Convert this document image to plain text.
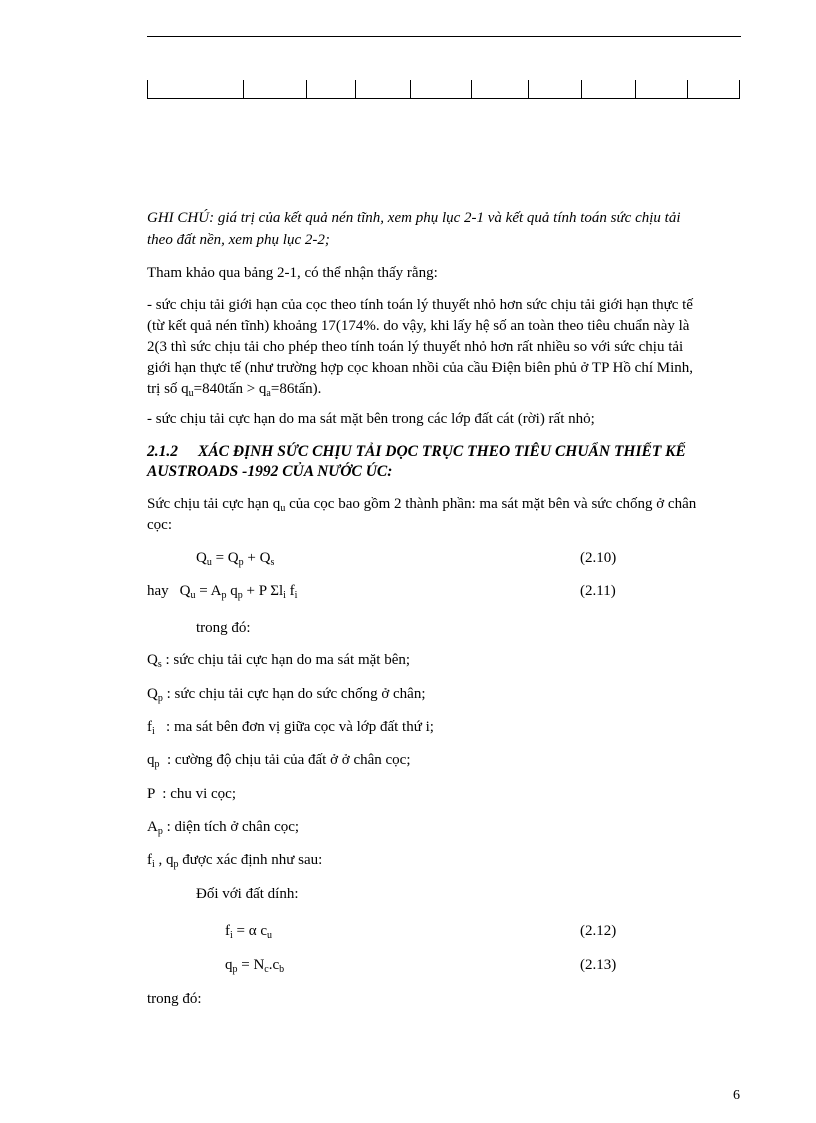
GHI CHÚ: giá trị của kết quả nén tĩnh, xem phụ lục 2-1 và kết quả tính toán sức chịu tải
theo đất nền, xem phụ lục 2-2;
Tham khảo qua bảng 2-1, có thể nhận thấy rằng:
- sức chịu tải giới hạn của cọc theo tính toán lý thuyết nhỏ hơn sức chịu tải giới hạn thực tế
(từ kết quả nén tĩnh) khoảng 17(174%. do vậy, khi lấy hệ số an toàn theo tiêu chuẩn này là
2(3 thì sức chịu tải cho phép theo tính toán lý thuyết nhỏ hơn rất nhiều so với sức chịu tải
giới hạn thực tế (như trường hợp cọc khoan nhồi của cầu Điện biên phủ ở TP Hồ chí Minh,
trị số $q_u=840tấn$ > $q_a=86tấn$).
- sức chịu tải cực hạn do ma sát mặt bên trong các lớp đất cát (rời) rất nhỏ;
2.1.2 XÁC ĐỊNH SỨC CHỊU TẢI DỌC TRỤC THEO TIÊU CHUẨN THIẾT KẾ
AUSTROADS -1992 CỦA NƯỚC ÚC:
Sức chịu tải cực hạn $q_u$ của cọc bao gồm 2 thành phần: ma sát mặt bên và sức chống ở chân
cọc:
$Q_u = Q_p + Q_s$	(2.10)
hay $Q_u = A_p$ $q_p + P$ $\Sigma l_i$ $f_i$	(2.11)
trong đó:
$Q_s$ : sức chịu tải cực hạn do ma sát mặt bên;
$Q_p$ : sức chịu tải cực hạn do sức chống ở chân;
$f_i$   : ma sát bên đơn vị giữa cọc và lớp đất thứ i;
$q_p$  : cường độ chịu tải của đất ở ở chân cọc;
P  : chu vi cọc;
$A_p$ : diện tích ở chân cọc;
$f_i$ , $q_p$ được xác định như sau:
Đối với đất dính:
$f_i = \alpha$ $c_u$	(2.12)
$q_p = N_c.c_b$	(2.13)
trong đó:
6
